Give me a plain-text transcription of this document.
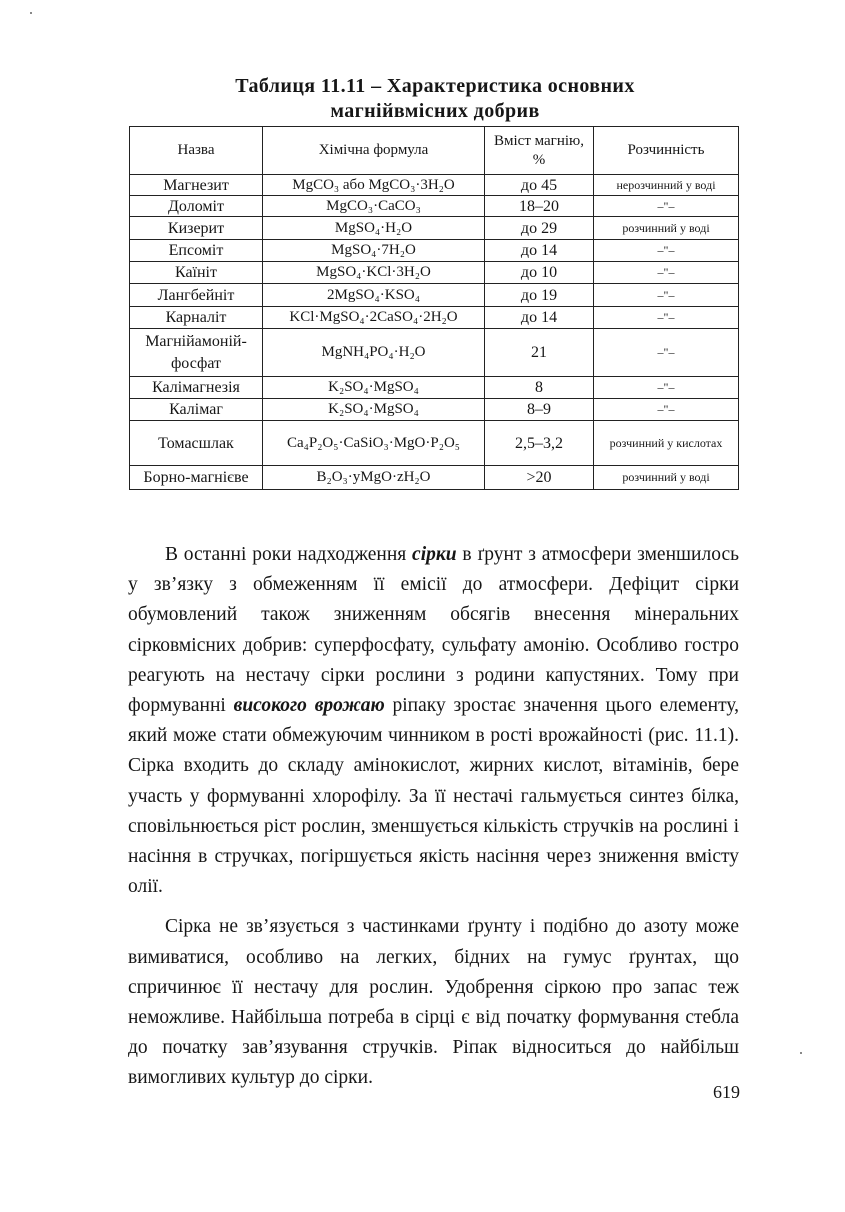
Таблиця 11.11 – Характеристика основних
магнійвмісних добрив
Назва	Хімічна формула	Вміст магнію, %	Розчинність
Магнезит	MgCO₃ або MgCO₃·3H₂O	до 45	нерозчинний у воді
Доломіт	MgCO₃·CaCO₃	18–20	–"–
Кизерит	MgSO₄·H₂O	до 29	розчинний у воді
Епсоміт	MgSO₄·7H₂O	до 14	–"–
Каїніт	MgSO₄·KCl·3H₂O	до 10	–"–
Лангбейніт	2MgSO₄·KSO₄	до 19	–"–
Карналіт	KCl·MgSO₄·2CaSO₄·2H₂O	до 14	–"–
Магнійамоній-фосфат	MgNH₄PO₄·H₂O	21	–"–
Калімагнезія	K₂SO₄·MgSO₄	8	–"–
Калімаг	K₂SO₄·MgSO₄	8–9	–"–
Томасшлак	Ca₄P₂O₅·CaSiO₃·MgO·P₂O₅	2,5–3,2	розчинний у кислотах
Борно-магнієве	B₂O₃·yMgO·zH₂O	>20	розчинний у воді

В останні роки надходження сірки в ґрунт з атмосфери зменшилось у зв’язку з обмеженням її емісії до атмосфери. Дефіцит сірки обумовлений також зниженням обсягів внесення мінеральних сірковмісних добрив: суперфосфату, сульфату амонію. Особливо гостро реагують на нестачу сірки рослини з родини капустяних. Тому при формуванні високого врожаю ріпаку зростає значення цього елементу, який може стати обмежуючим чинником в рості врожайності (рис. 11.1). Сірка входить до складу амінокислот, жирних кислот, вітамінів, бере участь у формуванні хлорофілу. За її нестачі гальмується синтез білка, сповільнюється ріст рослин, зменшується кількість стручків на рослині і насіння в стручках, погіршується якість насіння через зниження вмісту олії.

Сірка не зв’язується з частинками ґрунту і подібно до азоту може вимиватися, особливо на легких, бідних на гумус ґрунтах, що спричинює її нестачу для рослин. Удобрення сіркою про запас теж неможливе. Найбільша потреба в сірці є від початку формування стебла до початку зав’язування стручків. Ріпак відноситься до найбільш вимогливих культур до сірки.

619
